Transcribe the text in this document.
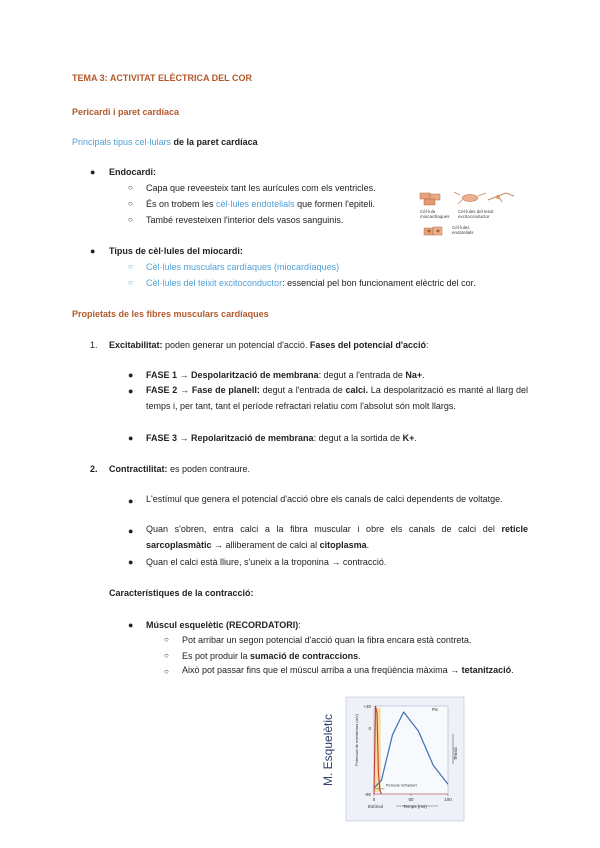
TEMA 3: ACTIVITAT ELÈCTRICA DEL COR
Pericardi i paret cardíaca
Principals tipus cel·lulars de la paret cardíaca
● Endocardi:
○ Capa que reveesteix tant les aurícules com els ventricles.
○ És on trobem les cèl·lules endotelials que formen l'epiteli.
○ També revesteixen l'interior dels vasos sanguinis.
Cèl·lula miocardíaques
Cèl·lules del teixit excitoconductor
Cèl·lules endotelials
● Tipus de cèl·lules del miocardi:
○ Cèl·lules musculars cardíaques (miocardíaques)
○ Cèl·lules del teixit excitoconductor: essencial pel bon funcionament elèctric del cor.
Propietats de les fibres musculars cardíaques
1. Excitabilitat: poden generar un potencial d'acció. Fases del potencial d'acció:
● FASE 1 → Despolarització de membrana: degut a l'entrada de Na+.
● FASE 2 → Fase de planell: degut a l'entrada de calci. La despolarització es manté al llarg del temps i, per tant, tant el període refractari relatiu com l'absolut són molt llargs.
● FASE 3 → Repolarització de membrana: degut a la sortida de K+.
2. Contractilitat: es poden contraure.
● L'estímul que genera el potencial d'acció obre els canals de calci dependents de voltatge.
● Quan s'obren, entra calci a la fibra muscular i obre els canals de calci del reticle sarcoplasmàtic → alliberament de calci al citoplasma.
● Quan el calci està lliure, s'uneix a la troponina → contracció.
Característiques de la contracció:
● Múscul esquelètic (RECORDATORI):
○ Pot arribar un segon potencial d'acció quan la fibra encara està contreta.
○ Es pot produir la sumació de contraccions.
○ Això pot passar fins que el múscul arriba a una freqüència màxima → tetanització.
M. Esquelètic
+30
0
-90
0	50	100
Potencial de membrana (mV)	Tensió
Pic
Període refractari
Estímul	Temps (ms)
